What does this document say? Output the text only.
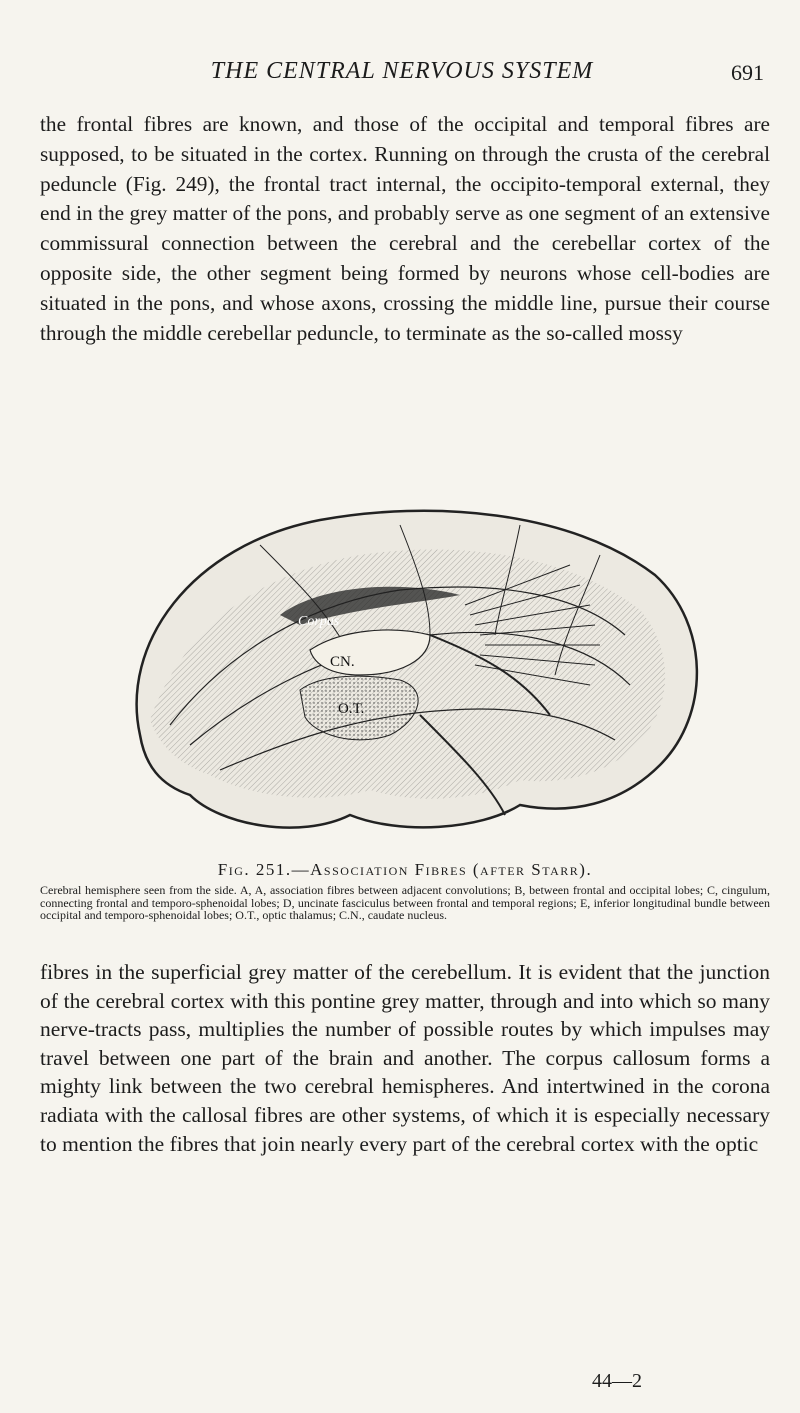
THE CENTRAL NERVOUS SYSTEM	691

the frontal fibres are known, and those of the occipital and temporal fibres are supposed, to be situated in the cortex. Running on through the crusta of the cerebral peduncle (Fig. 249), the frontal tract internal, the occipito-temporal external, they end in the grey matter of the pons, and probably serve as one segment of an extensive commissural connection between the cerebral and the cerebellar cortex of the opposite side, the other segment being formed by neurons whose cell-bodies are situated in the pons, and whose axons, crossing the middle line, pursue their course through the middle cerebellar peduncle, to terminate as the so-called mossy

Corpus
CN.
O.T.
Fig. 251.—Association Fibres (after Starr).
Cerebral hemisphere seen from the side. A, A, association fibres between adjacent convolutions; B, between frontal and occipital lobes; C, cingulum, connecting frontal and temporo-sphenoidal lobes; D, uncinate fasciculus between frontal and temporal regions; E, inferior longitudinal bundle between occipital and temporo-sphenoidal lobes; O.T., optic thalamus; C.N., caudate nucleus.

fibres in the superficial grey matter of the cerebellum. It is evident that the junction of the cerebral cortex with this pontine grey matter, through and into which so many nerve-tracts pass, multiplies the number of possible routes by which impulses may travel between one part of the brain and another. The corpus callosum forms a mighty link between the two cerebral hemispheres. And intertwined in the corona radiata with the callosal fibres are other systems, of which it is especially necessary to mention the fibres that join nearly every part of the cerebral cortex with the optic

44—2
